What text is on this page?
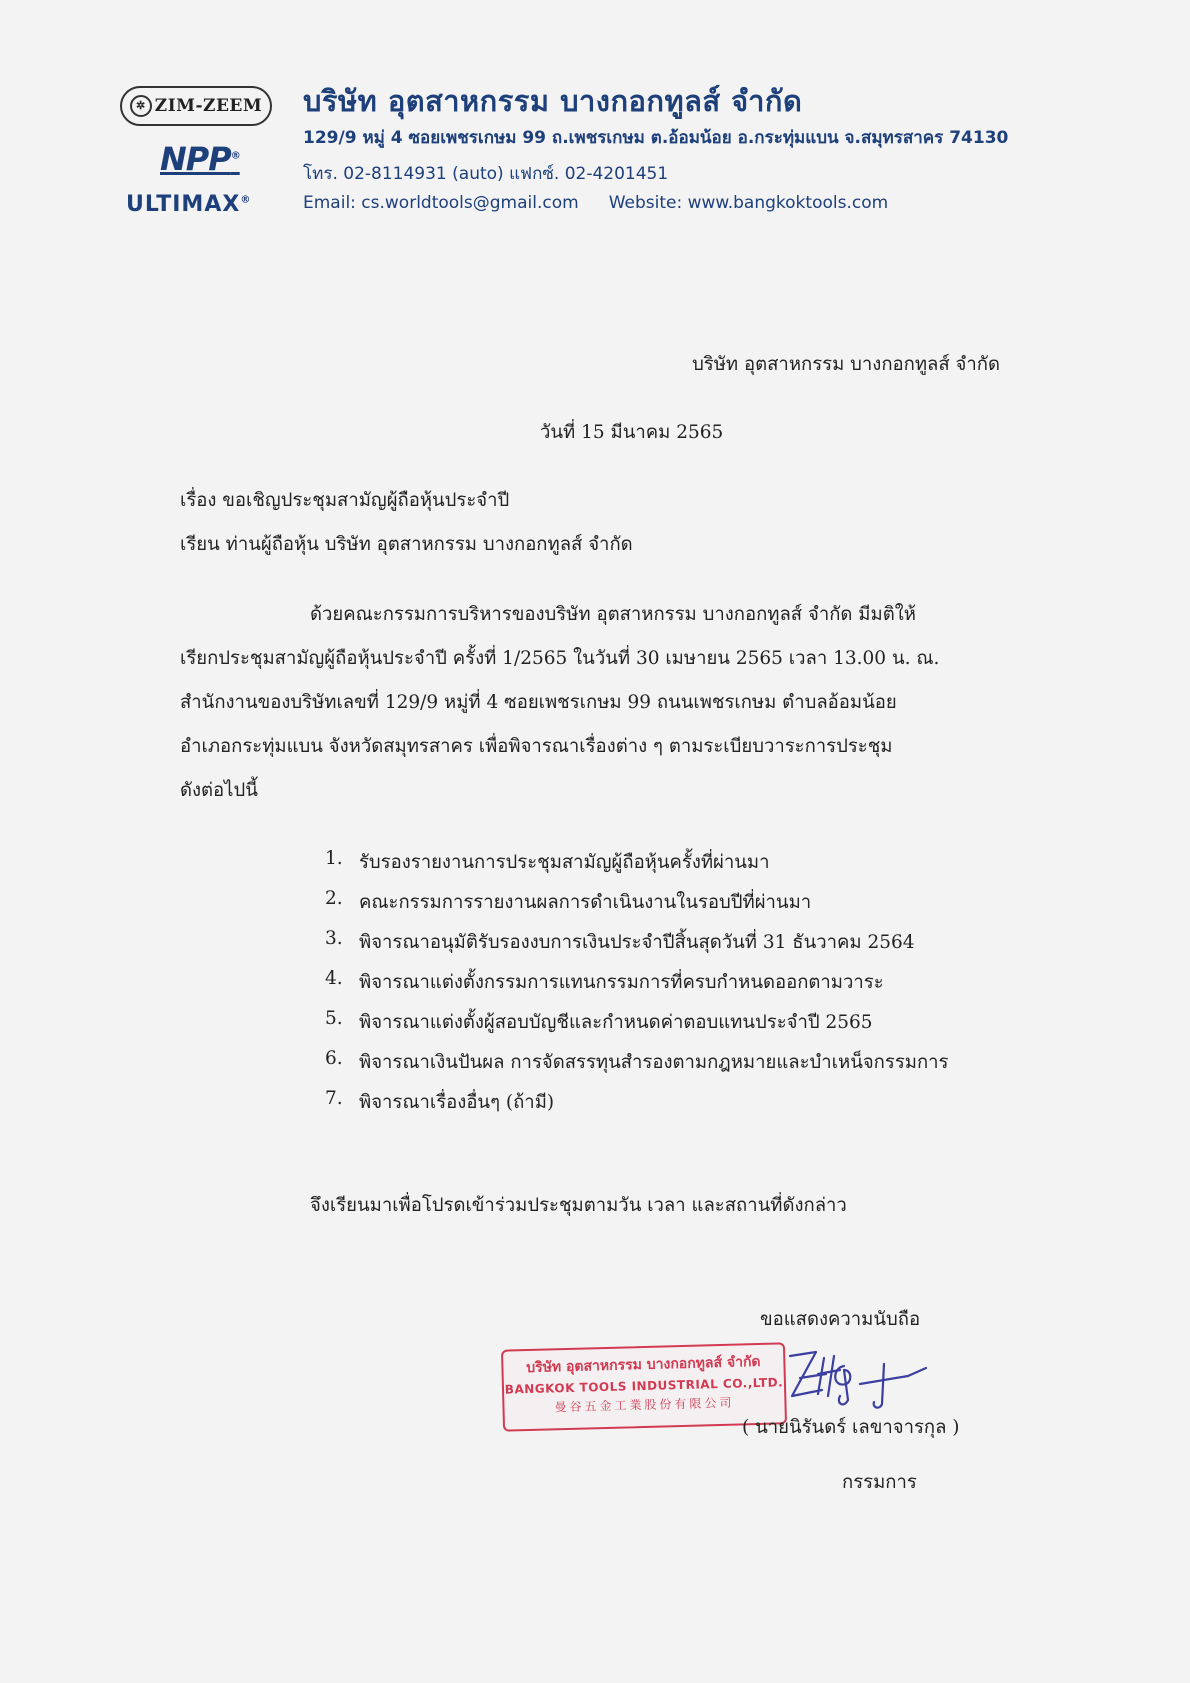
✲ ZIM-ZEEM
NPP®
ULTIMAX®
บริษัท อุตสาหกรรม บางกอกทูลส์ จำกัด
129/9 หมู่ 4 ซอยเพชรเกษม 99 ถ.เพชรเกษม ต.อ้อมน้อย อ.กระทุ่มแบน จ.สมุทรสาคร 74130
โทร. 02-8114931 (auto) แฟกซ์. 02-4201451
Email: cs.worldtools@gmail.com Website: www.bangkoktools.com
บริษัท อุตสาหกรรม บางกอกทูลส์ จำกัด
วันที่ 15 มีนาคม 2565
เรื่อง ขอเชิญประชุมสามัญผู้ถือหุ้นประจำปี
เรียน ท่านผู้ถือหุ้น บริษัท อุตสาหกรรม บางกอกทูลส์ จำกัด
ด้วยคณะกรรมการบริหารของบริษัท อุตสาหกรรม บางกอกทูลส์ จำกัด มีมติให้
เรียกประชุมสามัญผู้ถือหุ้นประจำปี ครั้งที่ 1/2565 ในวันที่ 30 เมษายน 2565 เวลา 13.00 น. ณ.
สำนักงานของบริษัทเลขที่ 129/9 หมู่ที่ 4 ซอยเพชรเกษม 99 ถนนเพชรเกษม ตำบลอ้อมน้อย
อำเภอกระทุ่มแบน จังหวัดสมุทรสาคร เพื่อพิจารณาเรื่องต่าง ๆ ตามระเบียบวาระการประชุม
ดังต่อไปนี้
1. รับรองรายงานการประชุมสามัญผู้ถือหุ้นครั้งที่ผ่านมา
2. คณะกรรมการรายงานผลการดำเนินงานในรอบปีที่ผ่านมา
3. พิจารณาอนุมัติรับรองงบการเงินประจำปีสิ้นสุดวันที่ 31 ธันวาคม 2564
4. พิจารณาแต่งตั้งกรรมการแทนกรรมการที่ครบกำหนดออกตามวาระ
5. พิจารณาแต่งตั้งผู้สอบบัญชีและกำหนดค่าตอบแทนประจำปี 2565
6. พิจารณาเงินปันผล การจัดสรรทุนสำรองตามกฎหมายและบำเหน็จกรรมการ
7. พิจารณาเรื่องอื่นๆ (ถ้ามี)
จึงเรียนมาเพื่อโปรดเข้าร่วมประชุมตามวัน เวลา และสถานที่ดังกล่าว
ขอแสดงความนับถือ
บริษัท อุตสาหกรรม บางกอกทูลส์ จำกัด
BANGKOK TOOLS INDUSTRIAL CO.,LTD.
曼谷五金工業股份有限公司
( นายนิรันดร์ เลขาจารกุล )
กรรมการ
